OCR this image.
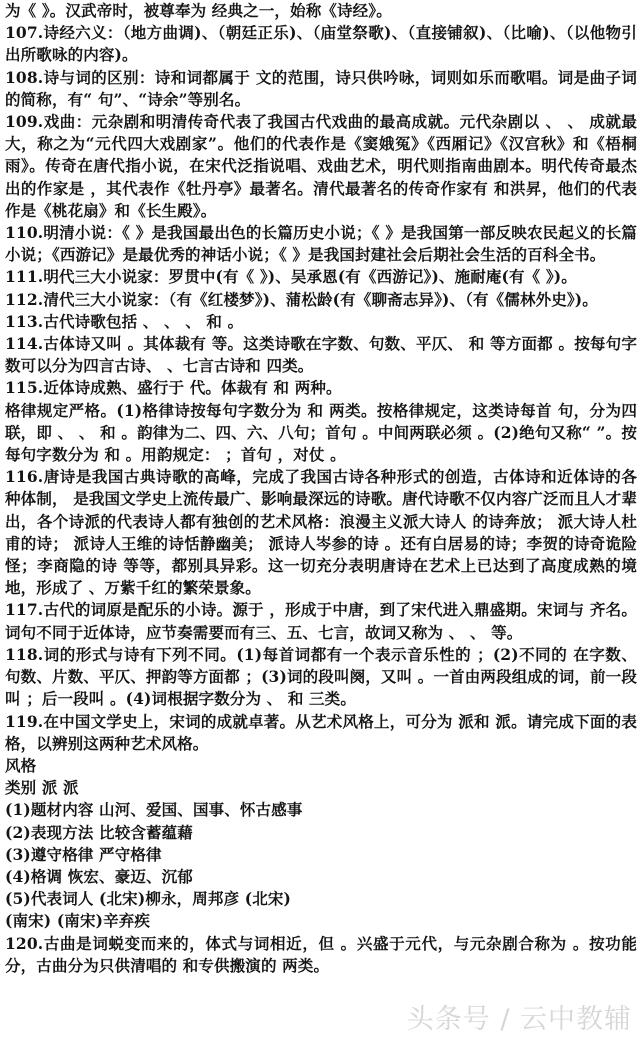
为《 》。汉武帝时，被尊奉为 经典之一，始称《诗经》。

107.诗经六义：（地方曲调)、（朝廷正乐)、（庙堂祭歌)、（直接铺叙)、（比喻)、（以他物引出所歌咏的内容)。

108.诗与词的区别：诗和词都属于 文的范围，诗只供吟咏，词则如乐而歌唱。词是曲子词的简称，有“ 句”、“诗余”等别名。

109.戏曲：元杂剧和明清传奇代表了我国古代戏曲的最高成就。元代杂剧以 、 、 成就最大，称之为“元代四大戏剧家”。他们的代表作是《窦娥冤》《西厢记》《汉宫秋》和《梧桐雨》。传奇在唐代指小说，在宋代泛指说唱、戏曲艺术，明代则指南曲剧本。明代传奇最杰出的作家是 ，其代表作《牡丹亭》最著名。清代最著名的传奇作家有 和洪昇，他们的代表作是《桃花扇》和《长生殿》。

110.明清小说：《 》是我国最出色的长篇历史小说；《 》是我国第一部反映农民起义的长篇小说；《西游记》是最优秀的神话小说；《 》是我国封建社会后期社会生活的百科全书。

111.明代三大小说家：罗贯中(有《 》)、吴承恩(有《西游记》)、施耐庵(有《 》)。

112.清代三大小说家：（有《红楼梦》)、蒲松龄(有《聊斋志异》)、（有《儒林外史》)。

113.古代诗歌包括 、 、 、 和 。

114.古体诗又叫 。其体裁有 等。这类诗歌在字数、句数、平仄、 和 等方面都 。按每句字数可以分为四言古诗、 、七言古诗和 四类。

115.近体诗成熟、盛行于 代。体裁有 和 两种。

格律规定严格。(1)格律诗按每句字数分为 和 两类。按格律规定，这类诗每首 句，分为四联，即 、 、 和 。韵律为二、四、六、八句；首句 。中间两联必须 。(2)绝句又称“ ”。按每句字数分为 和 。用韵规定： ；首句 ，对仗 。

116.唐诗是我国古典诗歌的高峰，完成了我国古诗各种形式的创造，古体诗和近体诗的各种体制， 是我国文学史上流传最广、影响最深远的诗歌。唐代诗歌不仅内容广泛而且人才辈出，各个诗派的代表诗人都有独创的艺术风格：浪漫主义派大诗人 的诗奔放； 派大诗人杜甫的诗； 派诗人王维的诗恬静幽美； 派诗人岑参的诗 。还有白居易的诗；李贺的诗奇诡险怪；李商隐的诗 等等，都别具异彩。这一切充分表明唐诗在艺术上已达到了高度成熟的境地，形成了 、万紫千红的繁荣景象。

117.古代的词原是配乐的小诗。源于 ，形成于中唐，到了宋代进入鼎盛期。宋词与 齐名。词句不同于近体诗，应节奏需要而有三、五、七言，故词又称为 、 、 等。

118.词的形式与诗有下列不同。(1)每首词都有一个表示音乐性的 ；(2)不同的 在字数、句数、片数、平仄、押韵等方面都 ；(3)词的段叫阕，又叫 。一首由两段组成的词，前一段叫 ；后一段叫 。(4)词根据字数分为 、 和 三类。

119.在中国文学史上，宋词的成就卓著。从艺术风格上，可分为 派和 派。请完成下面的表格，以辨别这两种艺术风格。

风格

类别 派 派

(1)题材内容 山河、爱国、国事、怀古感事

(2)表现方法 比较含蓄蕴藉

(3)遵守格律 严守格律

(4)格调 恢宏、豪迈、沉郁

(5)代表词人 (北宋)柳永，周邦彦 (北宋)

(南宋) (南宋)辛弃疾

120.古曲是词蜕变而来的，体式与词相近，但 。兴盛于元代，与元杂剧合称为 。按功能分，古曲分为只供清唱的 和专供搬演的 两类。

头条号 / 云中教辅
